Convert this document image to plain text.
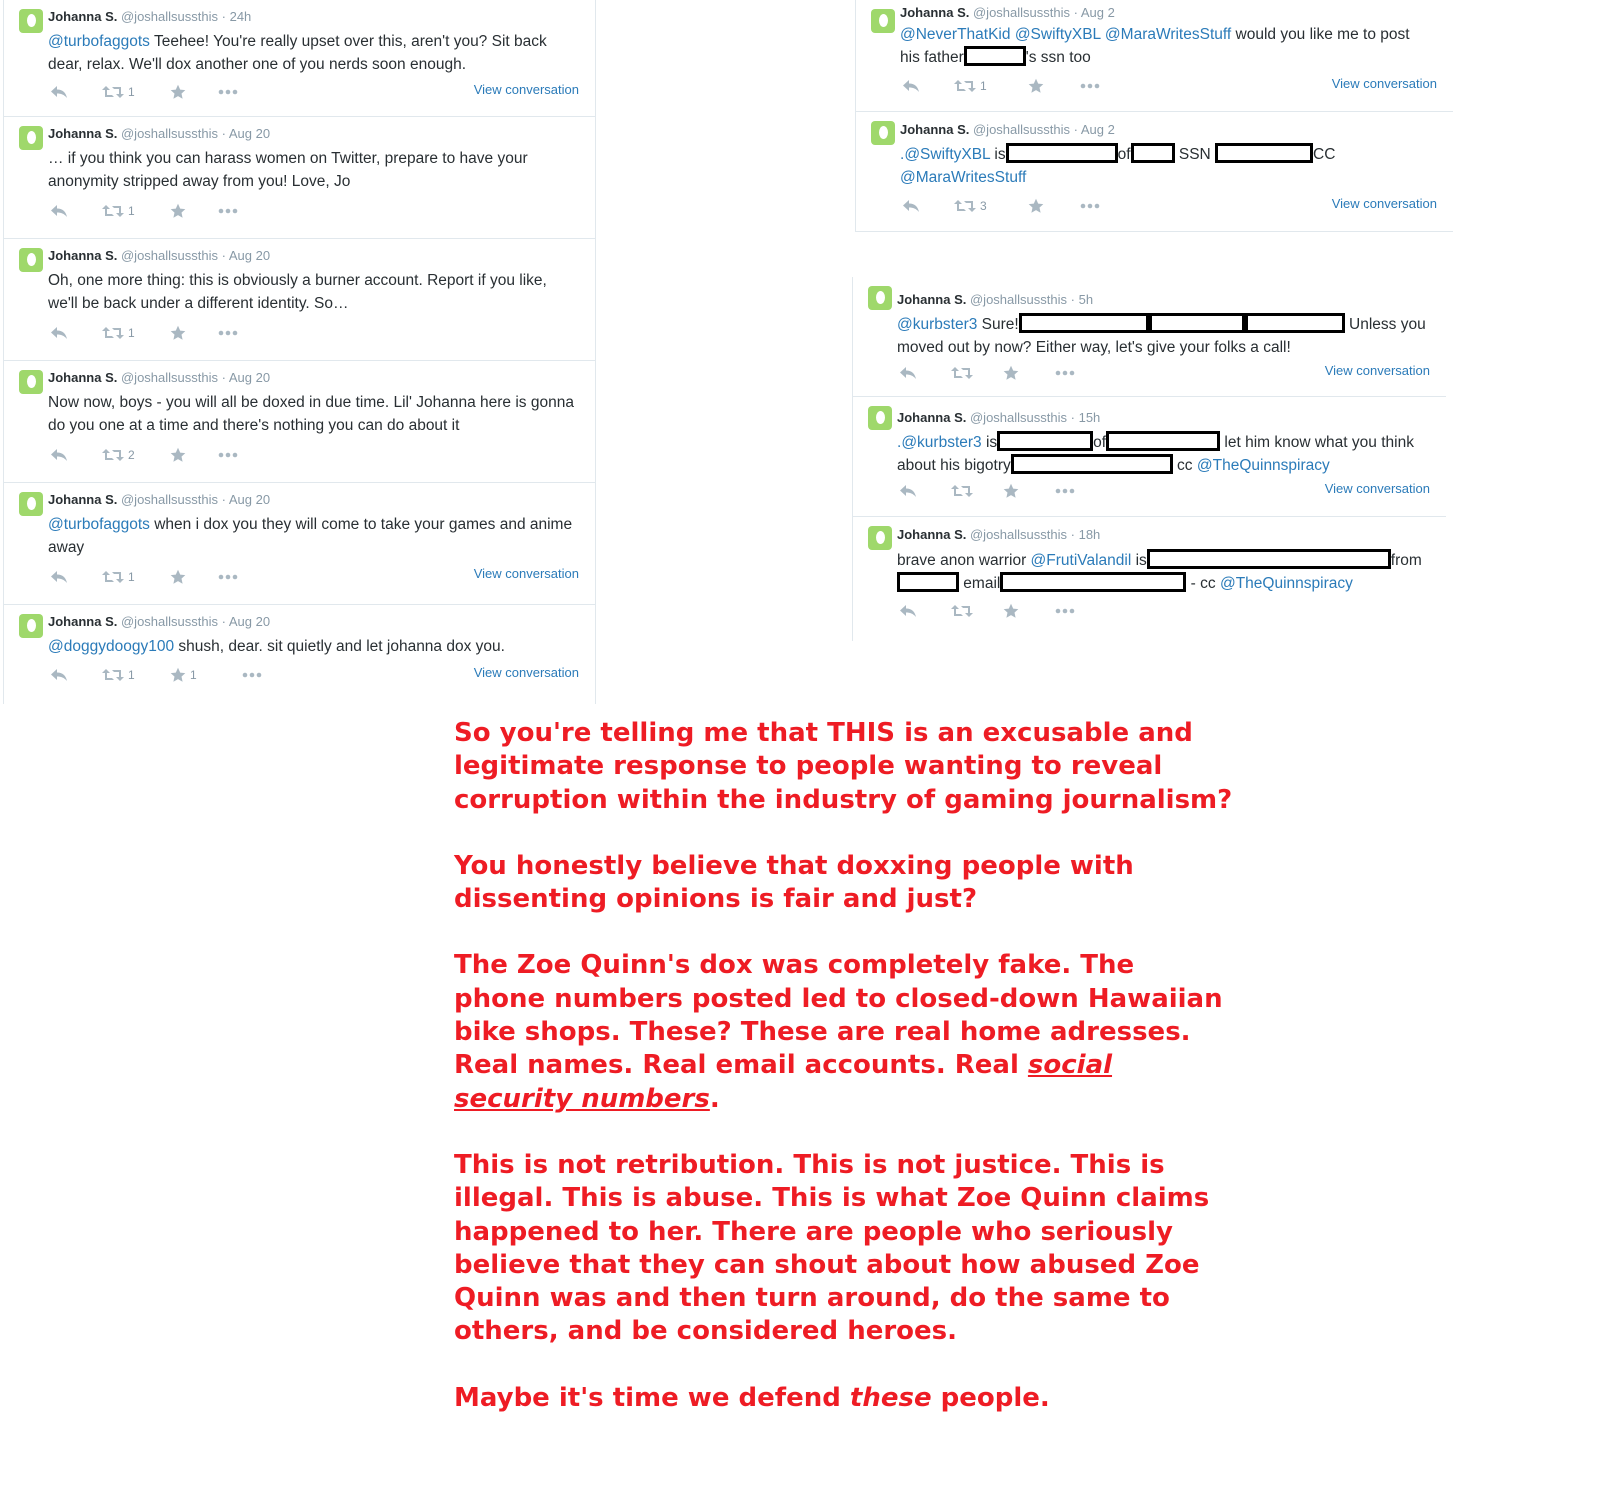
Johanna S. @joshallsussthis · 24h
@turbofaggots Teehee! You're really upset over this, aren't you? Sit back dear, relax. We'll dox another one of you nerds soon enough.
1	View conversation
Johanna S. @joshallsussthis · Aug 20
… if you think you can harass women on Twitter, prepare to have your anonymity stripped away from you! Love, Jo
1
Johanna S. @joshallsussthis · Aug 20
Oh, one more thing: this is obviously a burner account. Report if you like, we'll be back under a different identity. So…
1
Johanna S. @joshallsussthis · Aug 20
Now now, boys - you will all be doxed in due time. Lil' Johanna here is gonna do you one at a time and there's nothing you can do about it
2
Johanna S. @joshallsussthis · Aug 20
@turbofaggots when i dox you they will come to take your games and anime away
1	View conversation
Johanna S. @joshallsussthis · Aug 20
@doggydoogy100 shush, dear. sit quietly and let johanna dox you.
1	1	View conversation
Johanna S. @joshallsussthis · Aug 2
@NeverThatKid @SwiftyXBL @MaraWritesStuff would you like me to post his father	's ssn too
1	View conversation
Johanna S. @joshallsussthis · Aug 2
.@SwiftyXBL is	of	SSN	CC @MaraWritesStuff
3	View conversation
Johanna S. @joshallsussthis · 5h
@kurbster3 Sure!	Unless you moved out by now? Either way, let's give your folks a call!
View conversation
Johanna S. @joshallsussthis · 15h
.@kurbster3 is	of	let him know what you think about his bigotry	cc @TheQuinnspiracy
View conversation
Johanna S. @joshallsussthis · 18h
brave anon warrior @FrutiValandil is	from email	- cc @TheQuinnspiracy

So you're telling me that THIS is an excusable and legitimate response to people wanting to reveal corruption within the industry of gaming journalism?

You honestly believe that doxxing people with dissenting opinions is fair and just?

The Zoe Quinn's dox was completely fake. The phone numbers posted led to closed-down Hawaiian bike shops. These? These are real home adresses. Real names. Real email accounts. Real social security numbers.

This is not retribution. This is not justice. This is illegal. This is abuse. This is what Zoe Quinn claims happened to her. There are people who seriously believe that they can shout about how abused Zoe Quinn was and then turn around, do the same to others, and be considered heroes.

Maybe it's time we defend these people.
